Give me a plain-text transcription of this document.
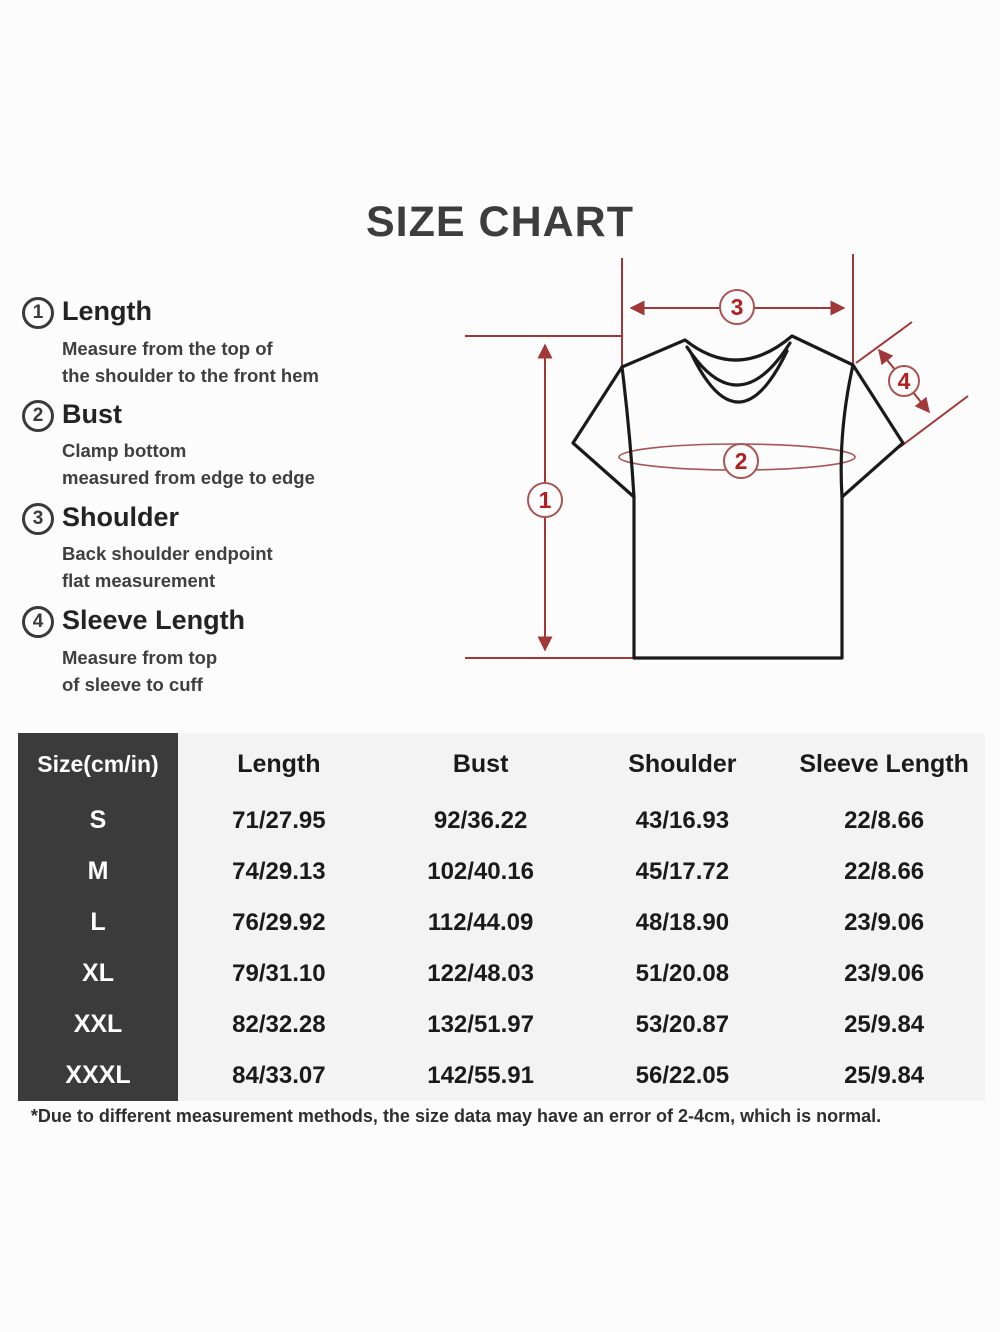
SIZE CHART
1 Length
Measure from the top of
the shoulder to the front hem
2 Bust
Clamp bottom
measured from edge to edge
3 Shoulder
Back shoulder endpoint
flat measurement
4 Sleeve Length
Measure from top
of sleeve to cuff
1
2
3
4
Size(cm/in)	Length	Bust	Shoulder	Sleeve Length
S	71/27.95	92/36.22	43/16.93	22/8.66
M	74/29.13	102/40.16	45/17.72	22/8.66
L	76/29.92	112/44.09	48/18.90	23/9.06
XL	79/31.10	122/48.03	51/20.08	23/9.06
XXL	82/32.28	132/51.97	53/20.87	25/9.84
XXXL	84/33.07	142/55.91	56/22.05	25/9.84
*Due to different measurement methods, the size data may have an error of 2-4cm, which is normal.
